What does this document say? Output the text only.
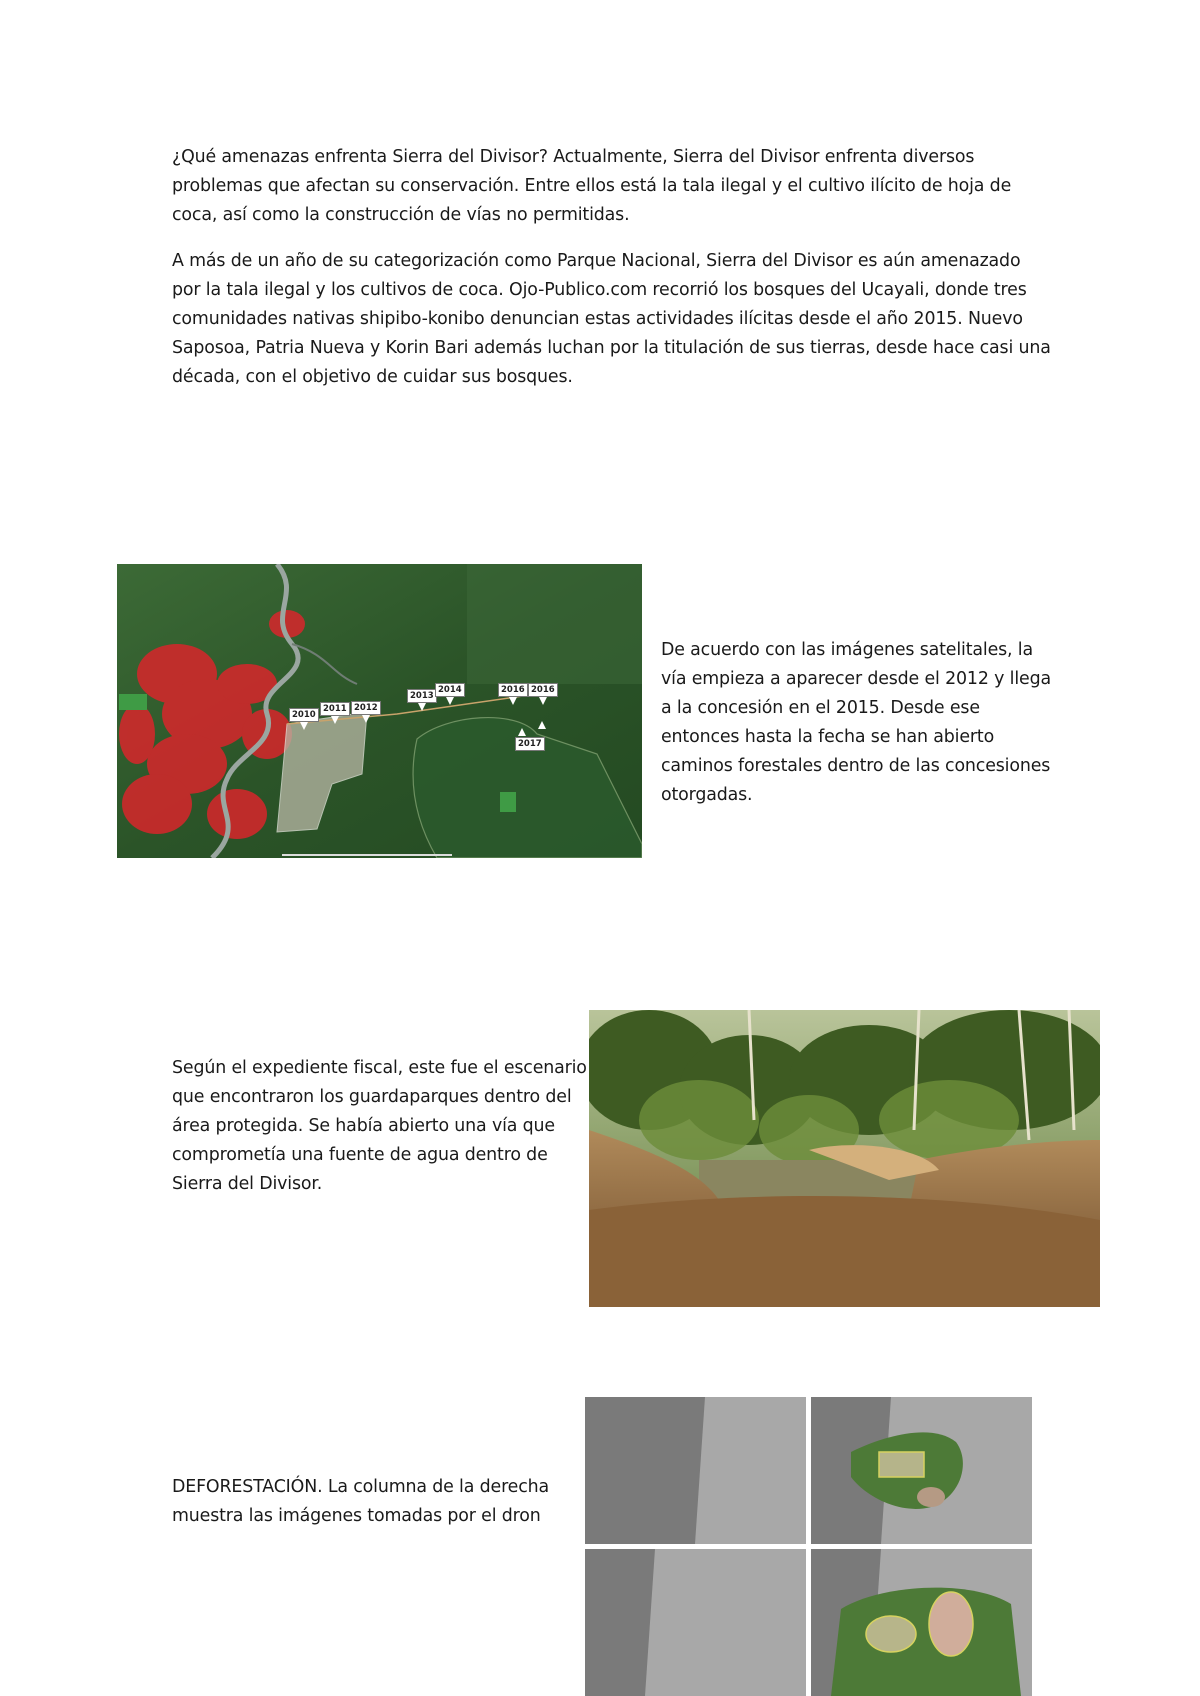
¿Qué amenazas enfrenta Sierra del Divisor? Actualmente, Sierra del Divisor enfrenta diversos problemas que afectan su conservación. Entre ellos está la tala ilegal y el cultivo ilícito de hoja de coca, así como la construcción de vías no permitidas.

A más de un año de su categorización como Parque Nacional, Sierra del Divisor es aún amenazado por la tala ilegal y los cultivos de coca. Ojo-Publico.com recorrió los bosques del Ucayali, donde tres comunidades nativas shipibo-konibo denuncian estas actividades ilícitas desde el año 2015. Nuevo Saposoa, Patria Nueva y Korin Bari además luchan por la titulación de sus tierras, desde hace casi una década, con el objetivo de cuidar sus bosques.

2010
2011 2012
2013
2014	2016 2016
2017

De acuerdo con las imágenes satelitales, la vía empieza a aparecer desde el 2012 y llega a la concesión en el 2015. Desde ese entonces hasta la fecha se han abierto caminos forestales dentro de las concesiones otorgadas.

Según el expediente fiscal, este fue el escenario que encontraron los guardaparques dentro del área protegida. Se había abierto una vía que comprometía una fuente de agua dentro de Sierra del Divisor.

DEFORESTACIÓN. La columna de la derecha muestra las imágenes tomadas por el dron
